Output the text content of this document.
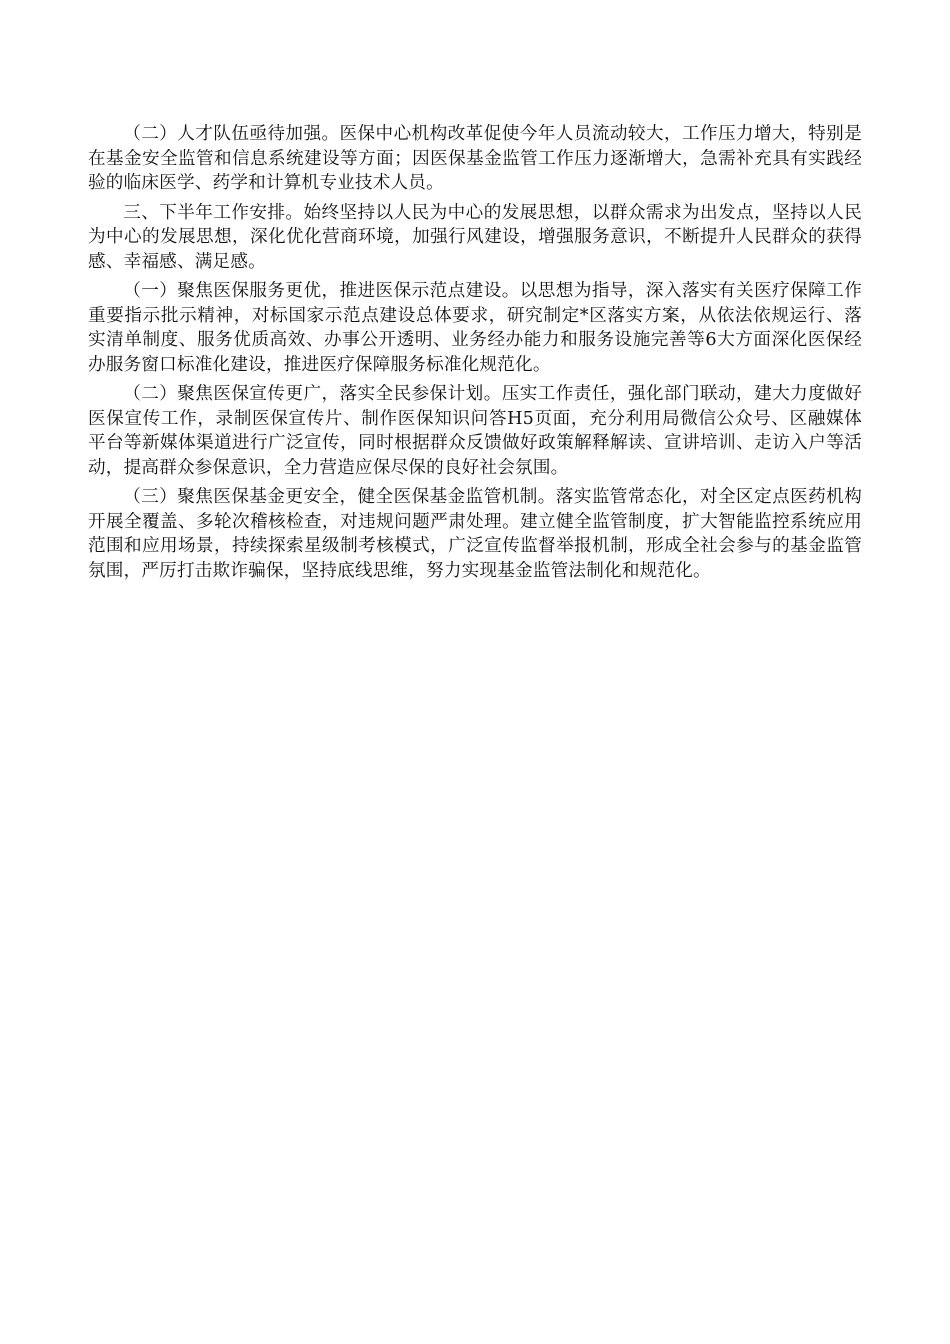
（二）人才队伍亟待加强。医保中心机构改革促使今年人员流动较大，工作压力增大，特别是在基金安全监管和信息系统建设等方面；因医保基金监管工作压力逐渐增大，急需补充具有实践经验的临床医学、药学和计算机专业技术人员。

三、下半年工作安排。始终坚持以人民为中心的发展思想，以群众需求为出发点，坚持以人民为中心的发展思想，深化优化营商环境，加强行风建设，增强服务意识，不断提升人民群众的获得感、幸福感、满足感。

（一）聚焦医保服务更优，推进医保示范点建设。以思想为指导，深入落实有关医疗保障工作重要指示批示精神，对标国家示范点建设总体要求，研究制定*区落实方案，从依法依规运行、落实清单制度、服务优质高效、办事公开透明、业务经办能力和服务设施完善等6大方面深化医保经办服务窗口标准化建设，推进医疗保障服务标准化规范化。

（二）聚焦医保宣传更广，落实全民参保计划。压实工作责任，强化部门联动，建大力度做好医保宣传工作，录制医保宣传片、制作医保知识问答H5页面，充分利用局微信公众号、区融媒体平台等新媒体渠道进行广泛宣传，同时根据群众反馈做好政策解释解读、宣讲培训、走访入户等活动，提高群众参保意识，全力营造应保尽保的良好社会氛围。

（三）聚焦医保基金更安全，健全医保基金监管机制。落实监管常态化，对全区定点医药机构开展全覆盖、多轮次稽核检查，对违规问题严肃处理。建立健全监管制度，扩大智能监控系统应用范围和应用场景，持续探索星级制考核模式，广泛宣传监督举报机制，形成全社会参与的基金监管氛围，严厉打击欺诈骗保，坚持底线思维，努力实现基金监管法制化和规范化。
